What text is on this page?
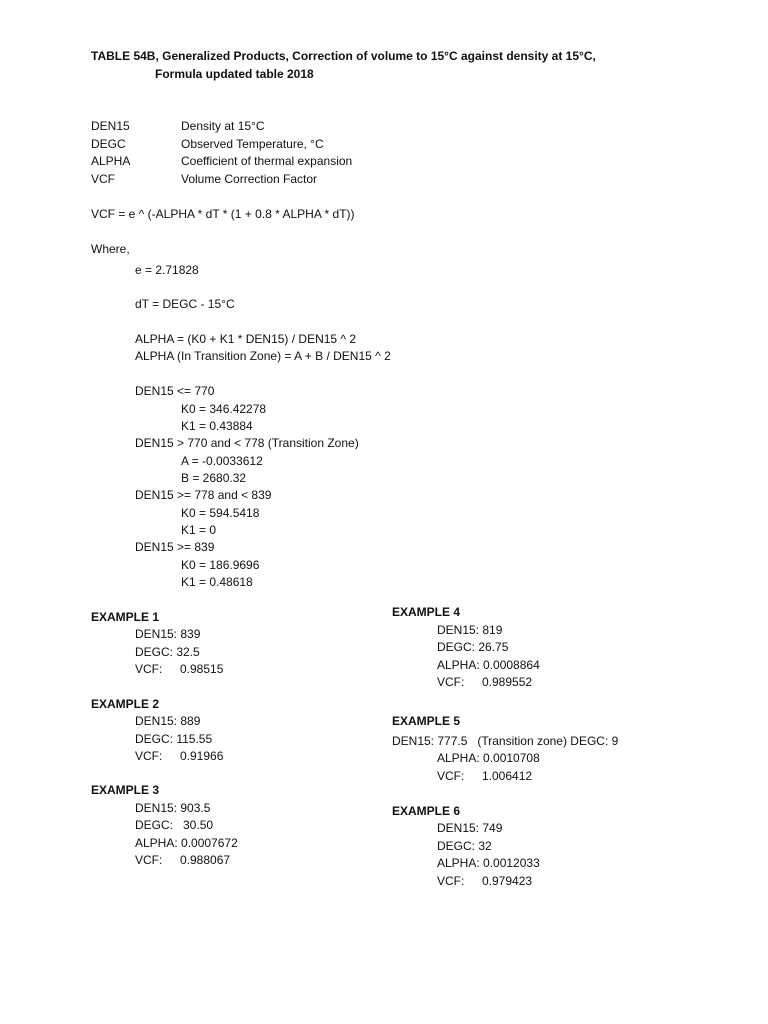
TABLE 54B, Generalized Products, Correction of volume to 15°C against density at 15°C,
Formula updated table 2018
DEN15	Density at 15°C
DEGC	Observed Temperature, °C
ALPHA	Coefficient of thermal expansion
VCF	Volume Correction Factor
VCF = e ^ (-ALPHA * dT * (1 + 0.8 * ALPHA * dT))
Where,
e = 2.71828
dT = DEGC - 15°C
ALPHA = (K0 + K1 * DEN15) / DEN15 ^ 2
ALPHA (In Transition Zone) = A + B / DEN15 ^ 2
DEN15 <= 770
K0 = 346.42278
K1 = 0.43884
DEN15 > 770 and < 778 (Transition Zone)
A = -0.0033612
B = 2680.32
DEN15 >= 778 and < 839
K0 = 594.5418
K1 = 0
DEN15 >= 839
K0 = 186.9696
K1 = 0.48618
EXAMPLE 1
DEN15: 839
DEGC: 32.5
VCF: 0.98515
EXAMPLE 2
DEN15: 889
DEGC: 115.55
VCF: 0.91966
EXAMPLE 3
DEN15: 903.5
DEGC:   30.50
ALPHA: 0.0007672
VCF: 0.988067
EXAMPLE 4
DEN15: 819
DEGC: 26.75
ALPHA: 0.0008864
VCF: 0.989552
EXAMPLE 5
DEN15: 777.5   (Transition zone) DEGC: 9
ALPHA: 0.0010708
VCF: 1.006412
EXAMPLE 6
DEN15: 749
DEGC: 32
ALPHA: 0.0012033
VCF: 0.979423
